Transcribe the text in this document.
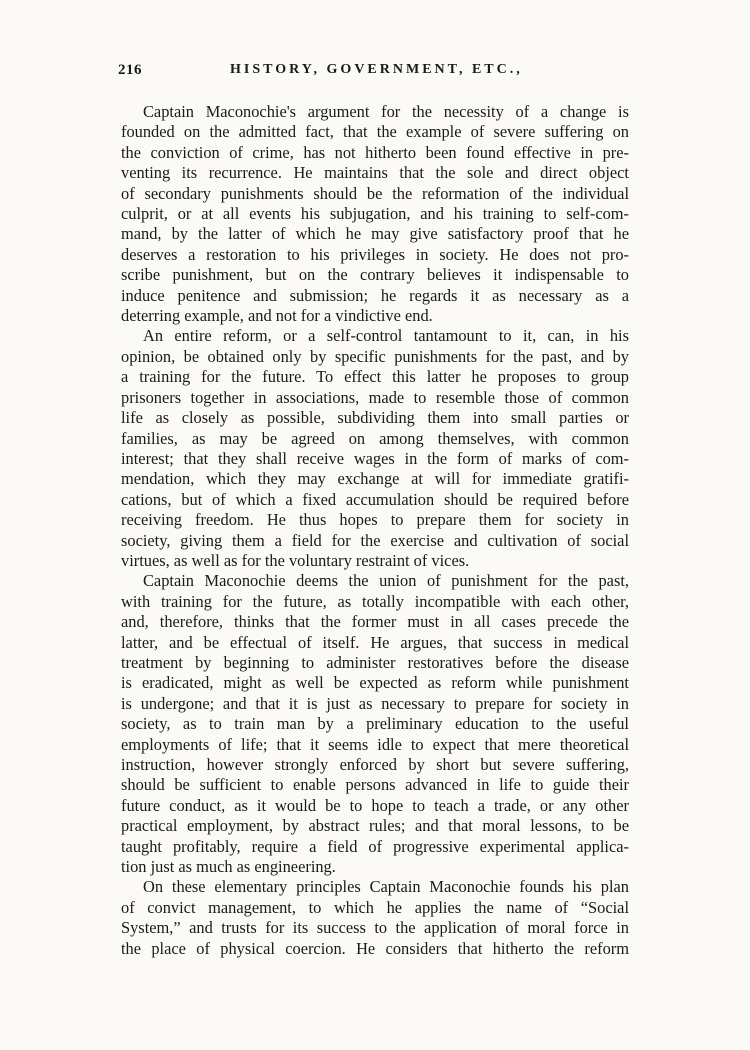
216	HISTORY, GOVERNMENT, ETC.,
Captain Maconochie's argument for the necessity of a change is
founded on the admitted fact, that the example of severe suffering on
the conviction of crime, has not hitherto been found effective in pre-
venting its recurrence. He maintains that the sole and direct object
of secondary punishments should be the reformation of the individual
culprit, or at all events his subjugation, and his training to self-com-
mand, by the latter of which he may give satisfactory proof that he
deserves a restoration to his privileges in society. He does not pro-
scribe punishment, but on the contrary believes it indispensable to
induce penitence and submission; he regards it as necessary as a
deterring example, and not for a vindictive end.
An entire reform, or a self-control tantamount to it, can, in his
opinion, be obtained only by specific punishments for the past, and by
a training for the future. To effect this latter he proposes to group
prisoners together in associations, made to resemble those of common
life as closely as possible, subdividing them into small parties or
families, as may be agreed on among themselves, with common
interest; that they shall receive wages in the form of marks of com-
mendation, which they may exchange at will for immediate gratifi-
cations, but of which a fixed accumulation should be required before
receiving freedom. He thus hopes to prepare them for society in
society, giving them a field for the exercise and cultivation of social
virtues, as well as for the voluntary restraint of vices.
Captain Maconochie deems the union of punishment for the past,
with training for the future, as totally incompatible with each other,
and, therefore, thinks that the former must in all cases precede the
latter, and be effectual of itself. He argues, that success in medical
treatment by beginning to administer restoratives before the disease
is eradicated, might as well be expected as reform while punishment
is undergone; and that it is just as necessary to prepare for society in
society, as to train man by a preliminary education to the useful
employments of life; that it seems idle to expect that mere theoretical
instruction, however strongly enforced by short but severe suffering,
should be sufficient to enable persons advanced in life to guide their
future conduct, as it would be to hope to teach a trade, or any other
practical employment, by abstract rules; and that moral lessons, to be
taught profitably, require a field of progressive experimental applica-
tion just as much as engineering.
On these elementary principles Captain Maconochie founds his plan
of convict management, to which he applies the name of “Social
System,” and trusts for its success to the application of moral force in
the place of physical coercion. He considers that hitherto the reform
